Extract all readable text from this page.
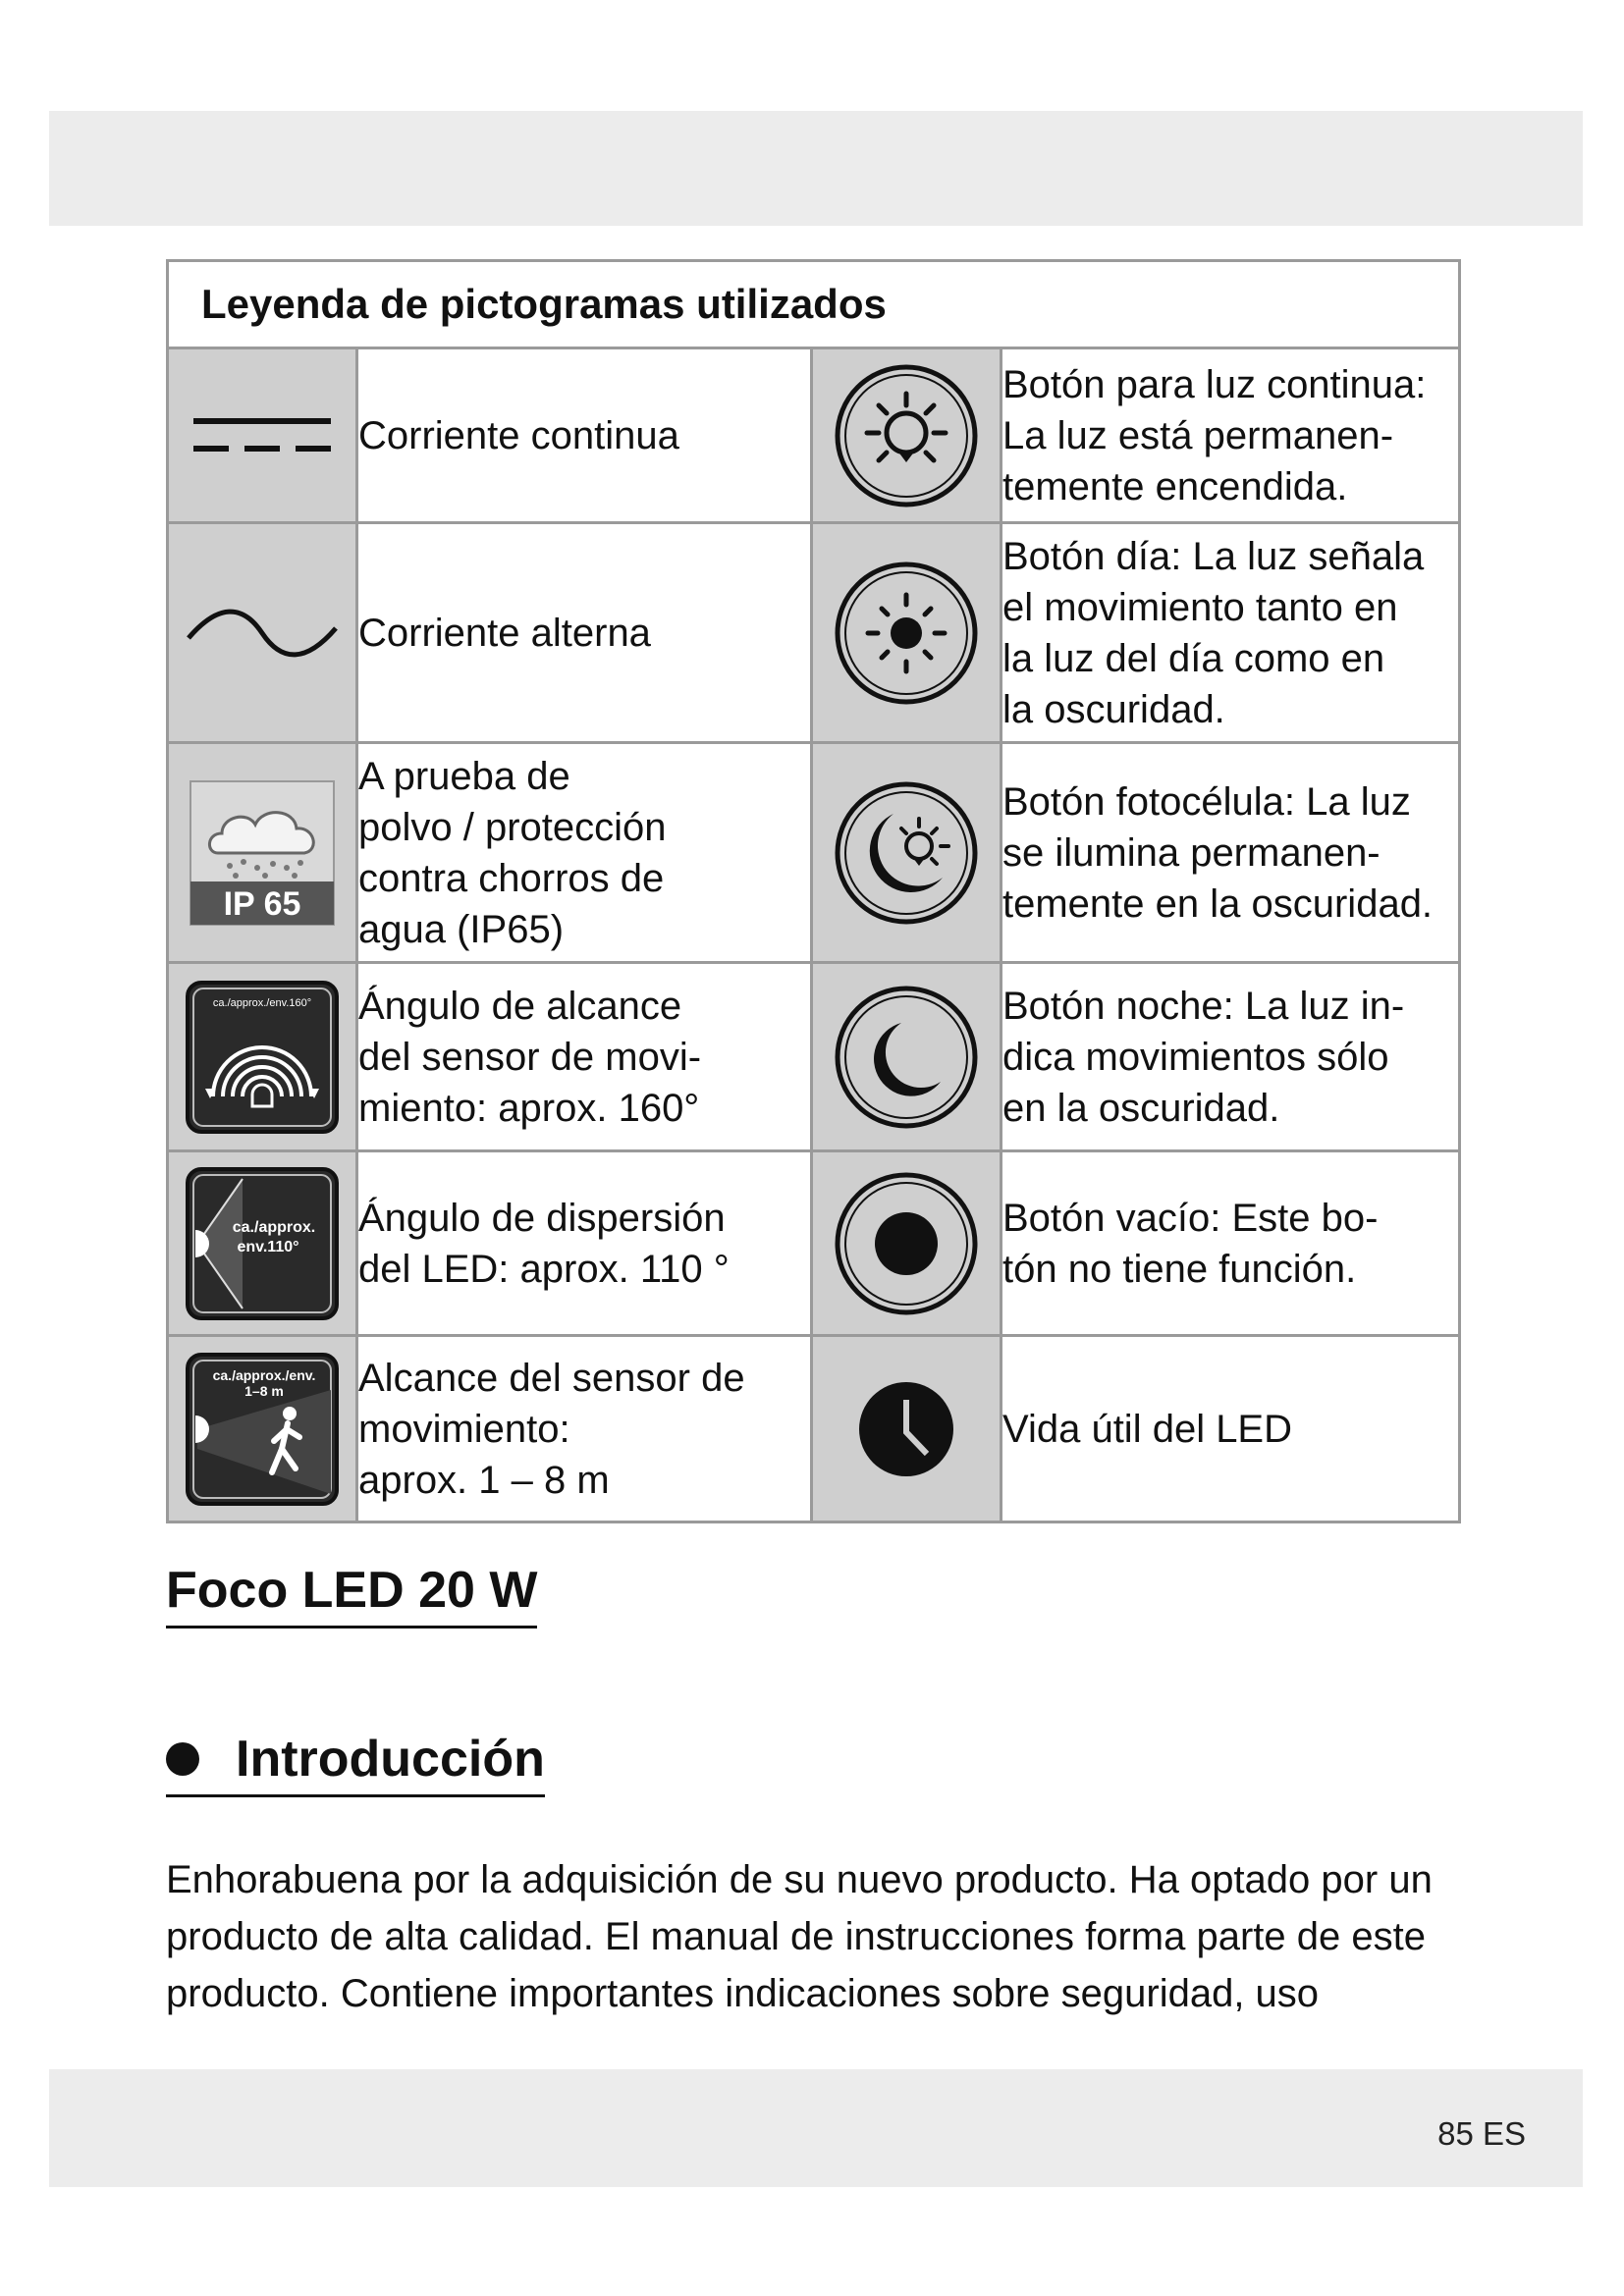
Leyenda de pictogramas utilizados			

	Corriente continua		Botón para luz continua:
La luz está permanen-
temente encendida.

	Corriente alterna		Botón día: La luz señala
el movimiento tanto en
la luz del día como en
la oscuridad.

IP 65	A prueba de
polvo / protección
contra chorros de
agua (IP65)		Botón fotocélula: La luz
se ilumina permanen-
temente en la oscuridad.

ca./approx./env.160°	Ángulo de alcance
del sensor de movi-
miento: aprox. 160°		Botón noche: La luz in-
dica movimientos sólo
en la oscuridad.

ca./approx.
env.110°	Ángulo de dispersión
del LED: aprox. 110 °		Botón vacío: Este bo-
tón no tiene función.

ca./approx./env.
1–8 m	Alcance del sensor de
movimiento:
aprox. 1 – 8 m		Vida útil del LED
Foco LED 20 W
Introducción
Enhorabuena por la adquisición de su nuevo producto. Ha optado por un producto de alta calidad. El manual de instrucciones forma parte de este producto. Contiene importantes indicaciones sobre seguridad, uso
85 ES
